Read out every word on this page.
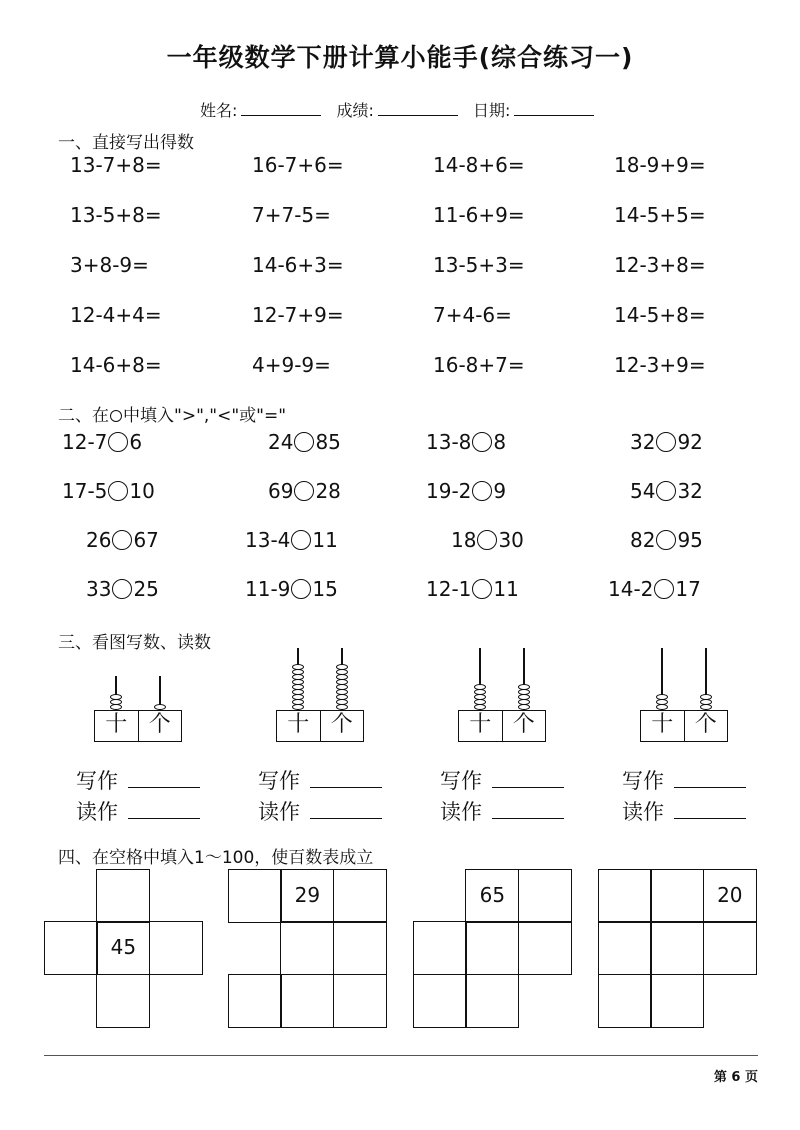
一年级数学下册计算小能手(综合练习一)
姓名:	成绩:	日期:
一、直接写出得数
13-7+8=	16-7+6=	14-8+6=	18-9+9=
13-5+8=	7+7-5=	11-6+9=	14-5+5=
3+8-9=	14-6+3=	13-5+3=	12-3+8=
12-4+4=	12-7+9=	7+4-6=	14-5+8=
14-6+8=	4+9-9=	16-8+7=	12-3+9=
二、在 中填入">","<"或"="
12-7 6	24 85	13-8 8	32 92
17-5 10	69 28	19-2 9	54 32
26 67	13-4 11	18 30	82 95
33 25	11-9 15	12-1 11	14-2 17
三、看图写数、读数
十 个
写作
读作
十 个
写作
读作
十 个
写作
读作
十 个
写作
读作
四、在空格中填入1～100，使百数表成立
45
29	65	20
第 6 页
